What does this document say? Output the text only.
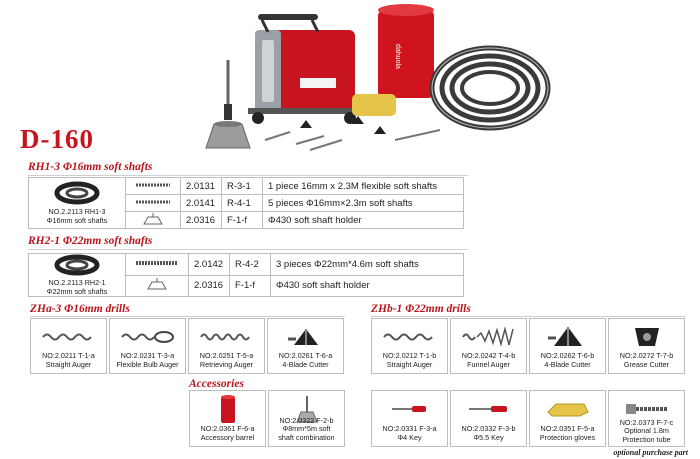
dahuola
D-160
RH1-3 Φ16mm soft shafts
NO.2.2113 RH1-3
Φ16mm soft shafts		2.0131	R-3-1	1 piece 16mm x 2.3M flexible soft shafts
	2.0141	R-4-1	5 pieces Φ16mm×2.3m soft shafts
	2.0316	F-1-f	Φ430 soft shaft holder
RH2-1 Φ22mm soft shafts
NO.2.2113 RH2-1
Φ22mm soft shafts		2.0142	R-4-2	3 pieces Φ22mm*4.6m soft shafts
	2.0316	F-1-f	Φ430 soft shaft holder
ZHa-3 Φ16mm drills
NO:2.0211 T-1-a
Straight Auger
NO:2.0231 T-3-a
Flexible Bulb Auger
NO:2.0251 T-5-a
Retrieving Auger
NO:2.0261 T-6-a
4-Blade Cutter
ZHb-1 Φ22mm drills
NO:2.0212 T-1-b
Straight Auger
NO:2.0242 T-4-b
Funnel Auger
NO:2.0262 T-6-b
4-Blade Cutter
NO:2.0272 T-7-b
Grease Cutter
Accessories
NO:2.0361 F-6-a
Accessory barrel
NO:2.0322 F-2-b
Φ8mm*5m soft
shaft combination
NO:2.0331 F-3-a
Φ4 Key
NO:2.0332 F-3-b
Φ5.5 Key
NO:2.0351 F-5-a
Protection gloves
NO:2.0373 F-7-c
Optional 1.8m
Protection tube
optional purchase part
